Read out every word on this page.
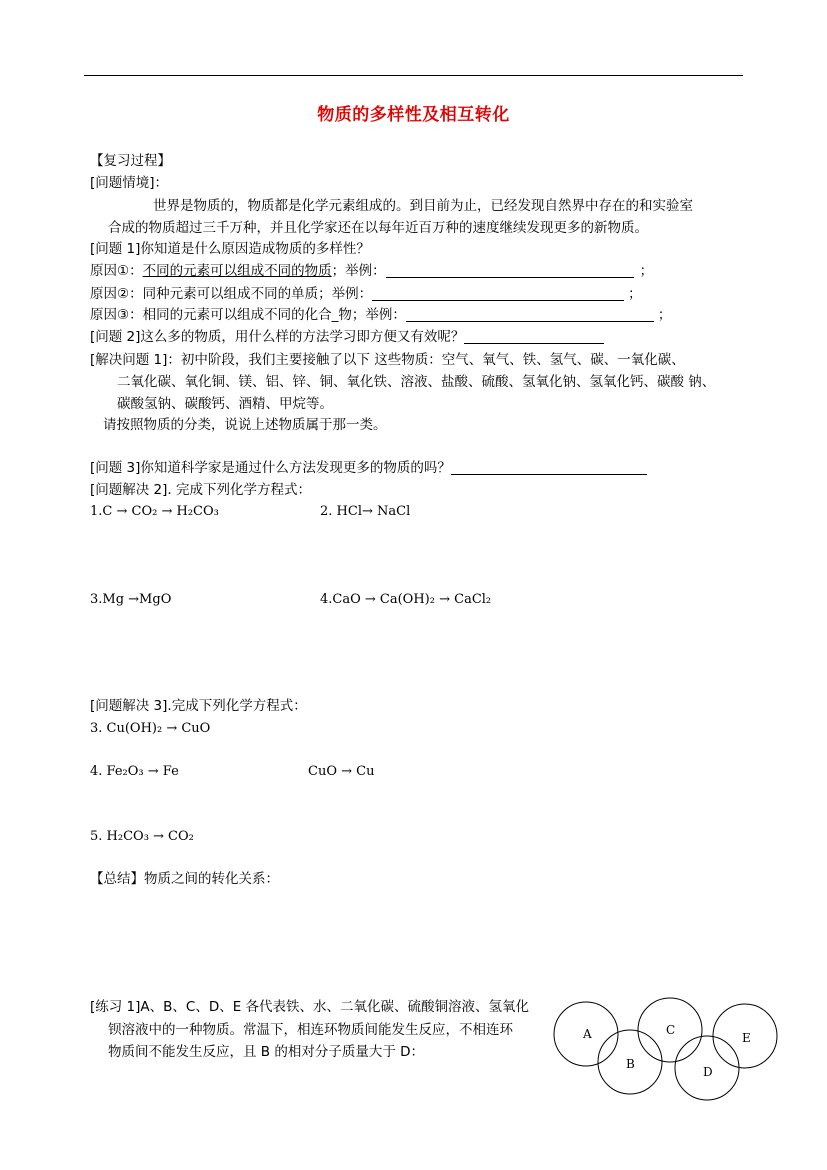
物质的多样性及相互转化
【复习过程】
[问题情境]：
世界是物质的，物质都是化学元素组成的。到目前为止，已经发现自然界中存在的和实验室
合成的物质超过三千万种，并且化学家还在以每年近百万种的速度继续发现更多的新物质。
[问题 1]你知道是什么原因造成物质的多样性？
原因①：不同的元素可以组成不同的物质；举例：	；
原因②：同种元素可以组成不同的单质；举例：	；
原因③：相同的元素可以组成不同的化合_物；举例：	；
[问题 2]这么多的物质，用什么样的方法学习即方便又有效呢？
[解决问题 1]：初中阶段，我们主要接触了以下 这些物质：空气、氧气、铁、氢气、碳、一氧化碳、
二氧化碳、氧化铜、镁、铝、锌、铜、氧化铁、溶液、盐酸、硫酸、氢氧化钠、氢氧化钙、碳酸 钠、
碳酸氢钠、碳酸钙、酒精、甲烷等。
请按照物质的分类，说说上述物质属于那一类。
[问题 3]你知道科学家是通过什么方法发现更多的物质的吗？
[问题解决 2]. 完成下列化学方程式：
1.C → CO₂ → H₂CO₃	2. HCl→ NaCl
3.Mg →MgO	4.CaO → Ca(OH)₂ → CaCl₂
[问题解决 3].完成下列化学方程式：
3. Cu(OH)₂ → CuO
4. Fe₂O₃ → Fe	CuO → Cu
5. H₂CO₃ → CO₂
【总结】物质之间的转化关系：
[练习 1]A、B、C、D、E 各代表铁、水、二氧化碳、硫酸铜溶液、氢氧化
钡溶液中的一种物质。常温下，相连环物质间能发生反应，不相连环
物质间不能发生反应，且 B 的相对分子质量大于 D：
A
B
C
D
E
